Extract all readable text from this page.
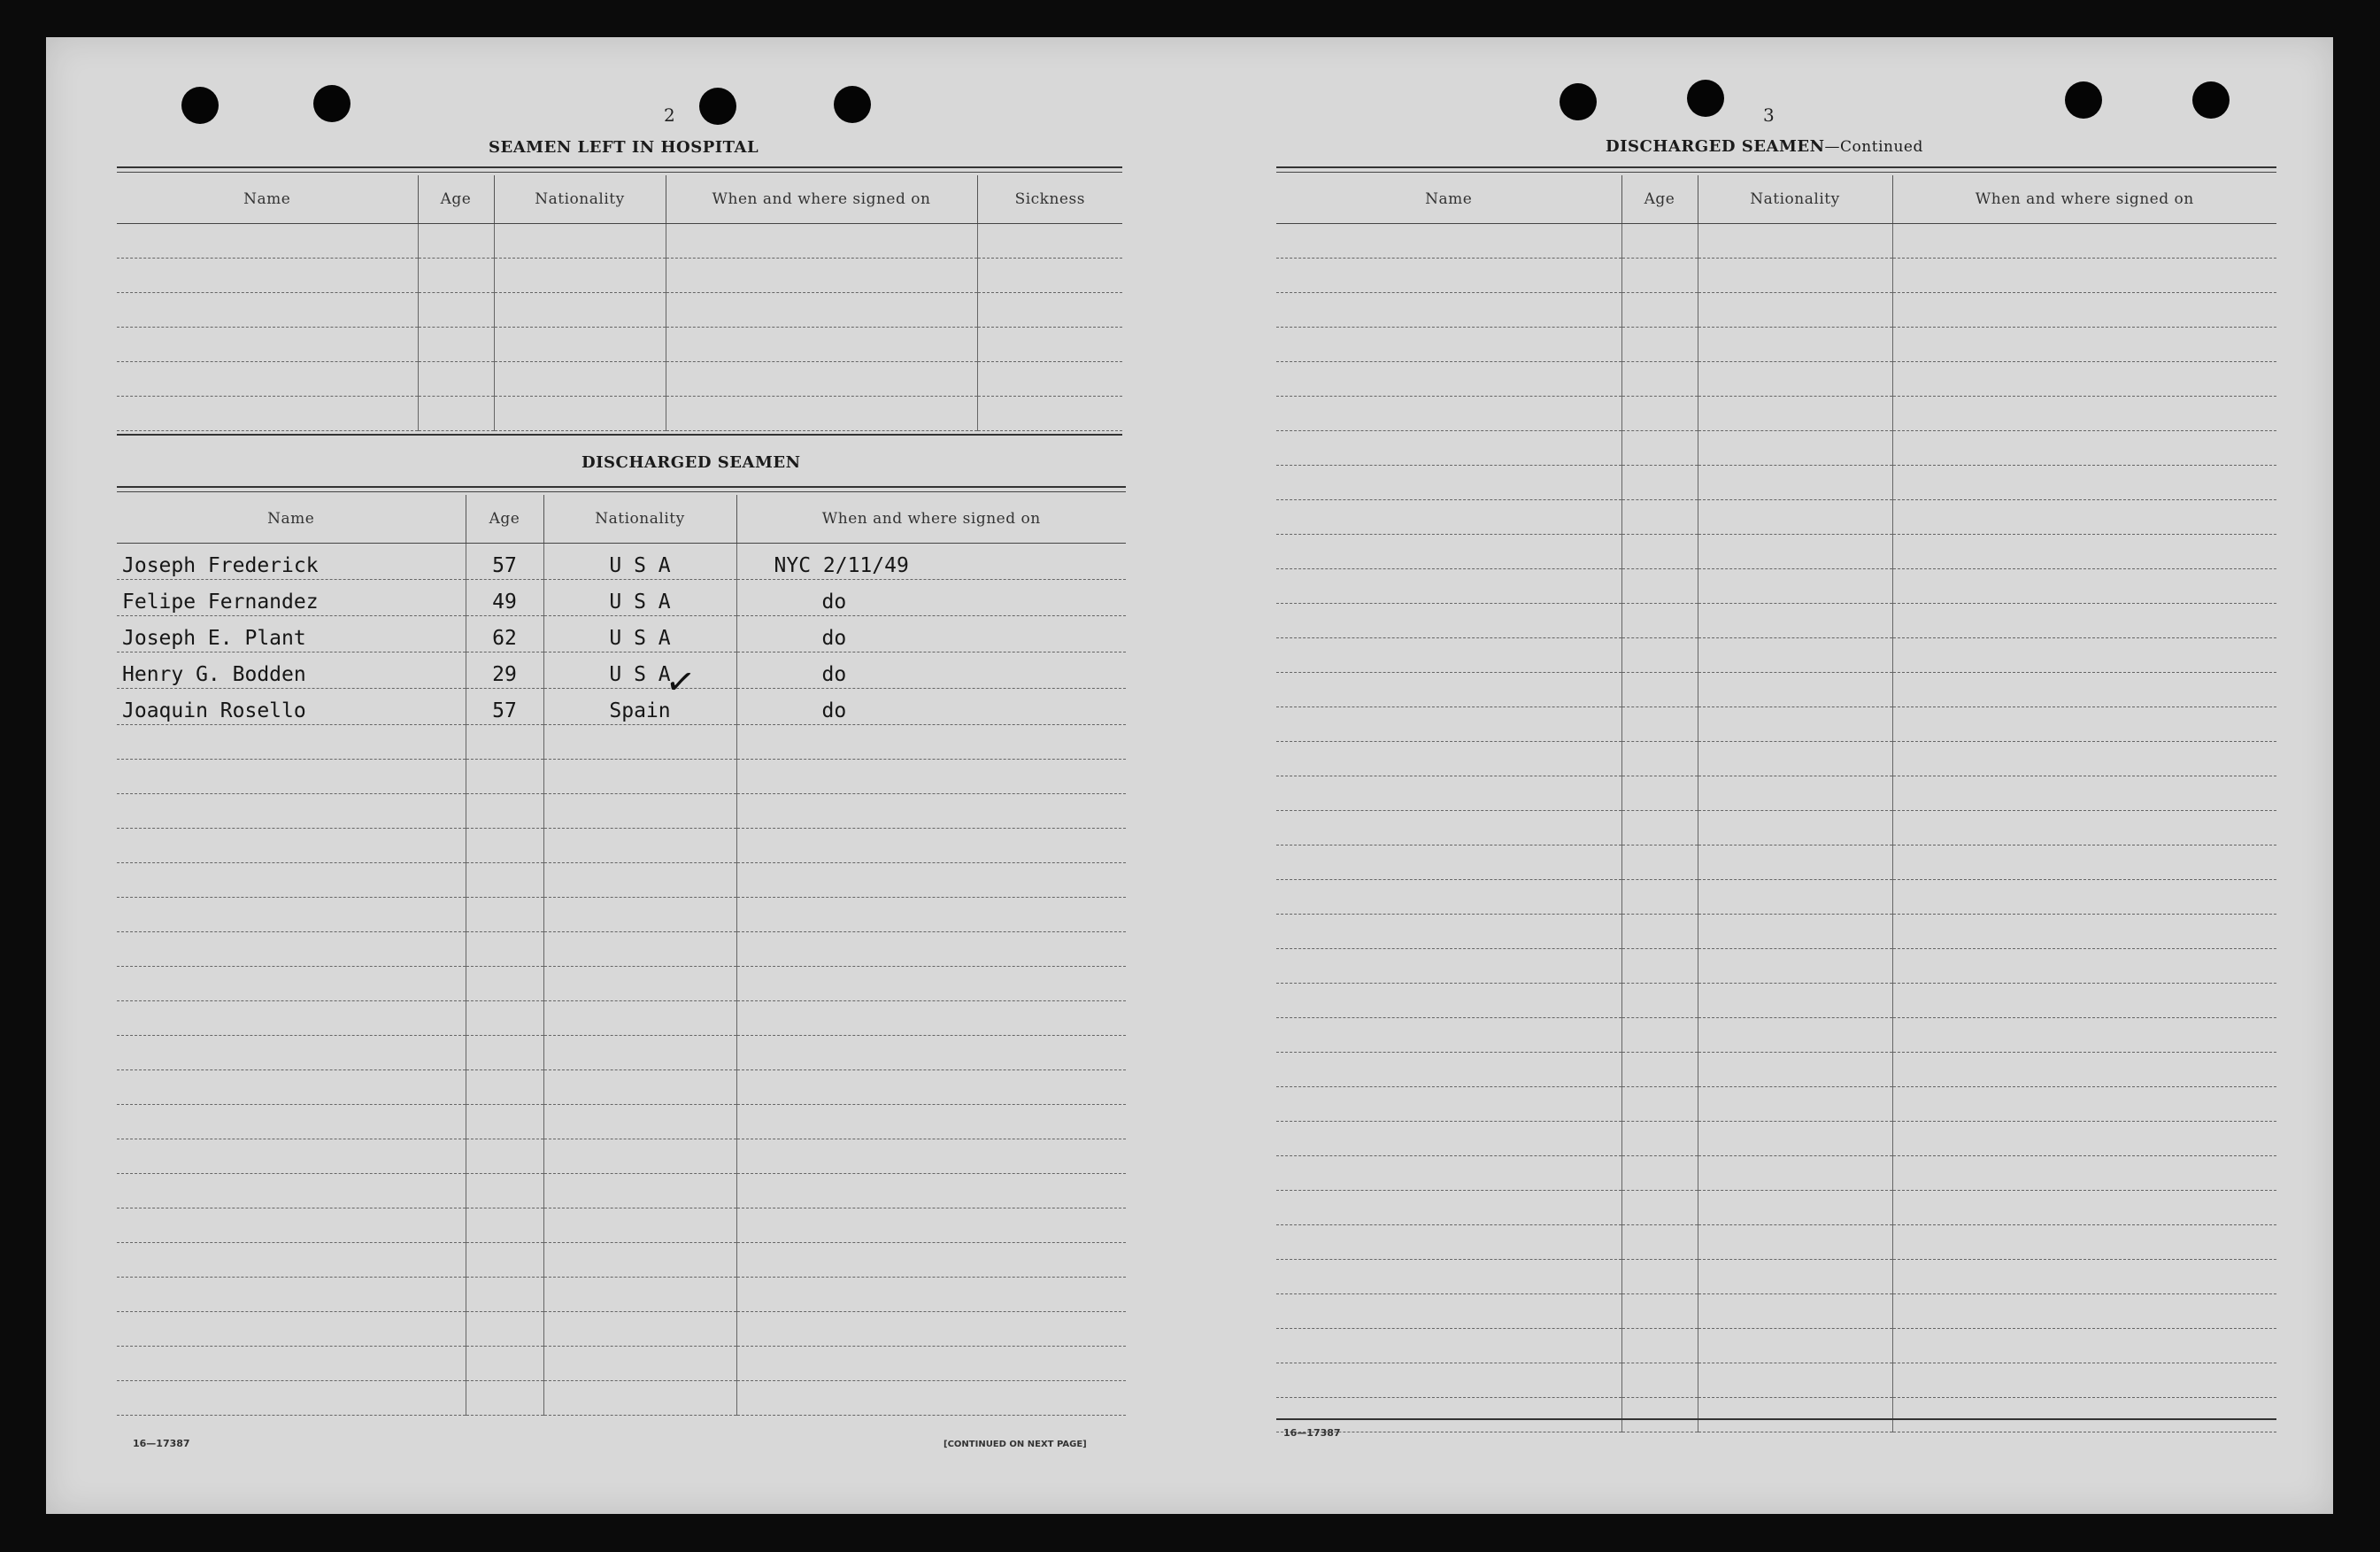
2
SEAMEN LEFT IN HOSPITAL
Name	Age	Nationality	When and where signed on	Sickness

DISCHARGED SEAMEN
Name	Age	Nationality	When and where signed on
Joseph Frederick	57	U S A	NYC 2/11/49
Felipe Fernandez	49	U S A	do
Joseph E. Plant	62	U S A	do
Henry G. Bodden	29	U S A	do
Joaquin Rosello	57	Spain	do

✓
16—17387	[CONTINUED ON NEXT PAGE]
3
DISCHARGED SEAMEN—Continued
Name	Age	Nationality	When and where signed on

16—17387
